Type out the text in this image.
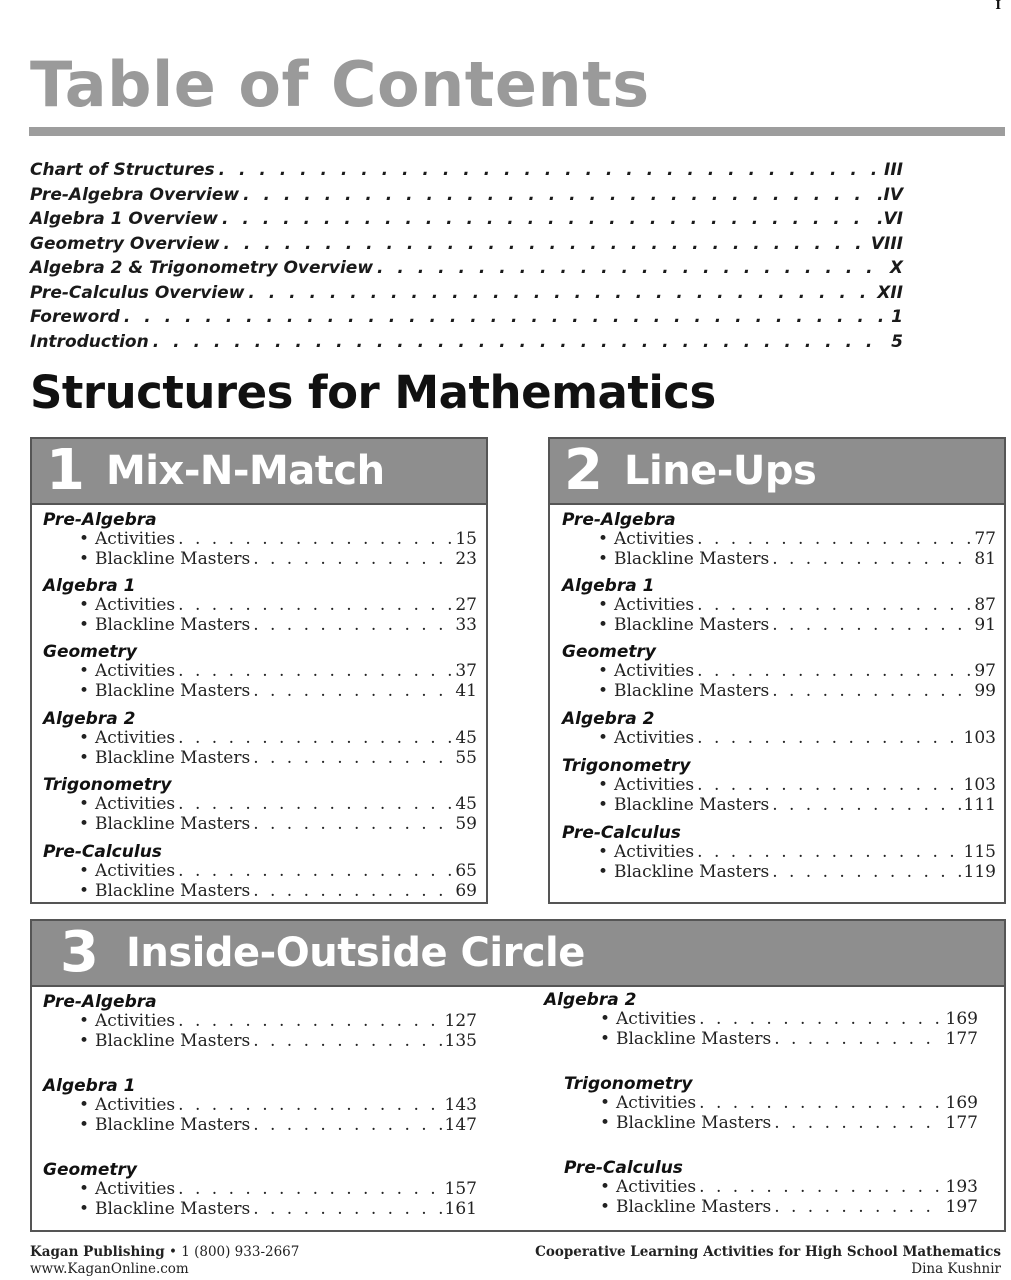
I
Table of Contents
Chart of Structures . . .	III
Pre-Algebra Overview . . .	.IV
Algebra 1 Overview . . .	.VI
Geometry Overview . . .	VIII
Algebra 2 & Trigonometry Overview . . .	X
Pre-Calculus Overview . . .	XII
Foreword . . .	1
Introduction . . .	5
Structures for Mathematics
1 Mix-N-Match
Pre-Algebra
• Activities . . .	15
• Blackline Masters . . .	23
Algebra 1
• Activities . . .	27
• Blackline Masters . . .	33
Geometry
• Activities . . .	37
• Blackline Masters . . .	41
Algebra 2
• Activities . . .	45
• Blackline Masters . . .	55
Trigonometry
• Activities . . .	45
• Blackline Masters . . .	59
Pre-Calculus
• Activities . . .	65
• Blackline Masters . . .	69
2 Line-Ups
Pre-Algebra
• Activities . . .	77
• Blackline Masters . . .	81
Algebra 1
• Activities . . .	87
• Blackline Masters . . .	91
Geometry
• Activities . . .	97
• Blackline Masters . . .	99
Algebra 2
• Activities . . .	103
Trigonometry
• Activities . . .	103
• Blackline Masters . . .	111
Pre-Calculus
• Activities . . .	115
• Blackline Masters . . .	119
3 Inside-Outside Circle
Pre-Algebra
• Activities . . .	127
• Blackline Masters . . .	135
Algebra 1
• Activities . . .	143
• Blackline Masters . . .	147
Geometry
• Activities . . .	157
• Blackline Masters . . .	161
Algebra 2
• Activities . . .	169
• Blackline Masters . . .	177
Trigonometry
• Activities . . .	169
• Blackline Masters . . .	177
Pre-Calculus
• Activities . . .	193
• Blackline Masters . . .	197
Kagan Publishing • 1 (800) 933-2667
www.KaganOnline.com
Cooperative Learning Activities for High School Mathematics
Dina Kushnir
